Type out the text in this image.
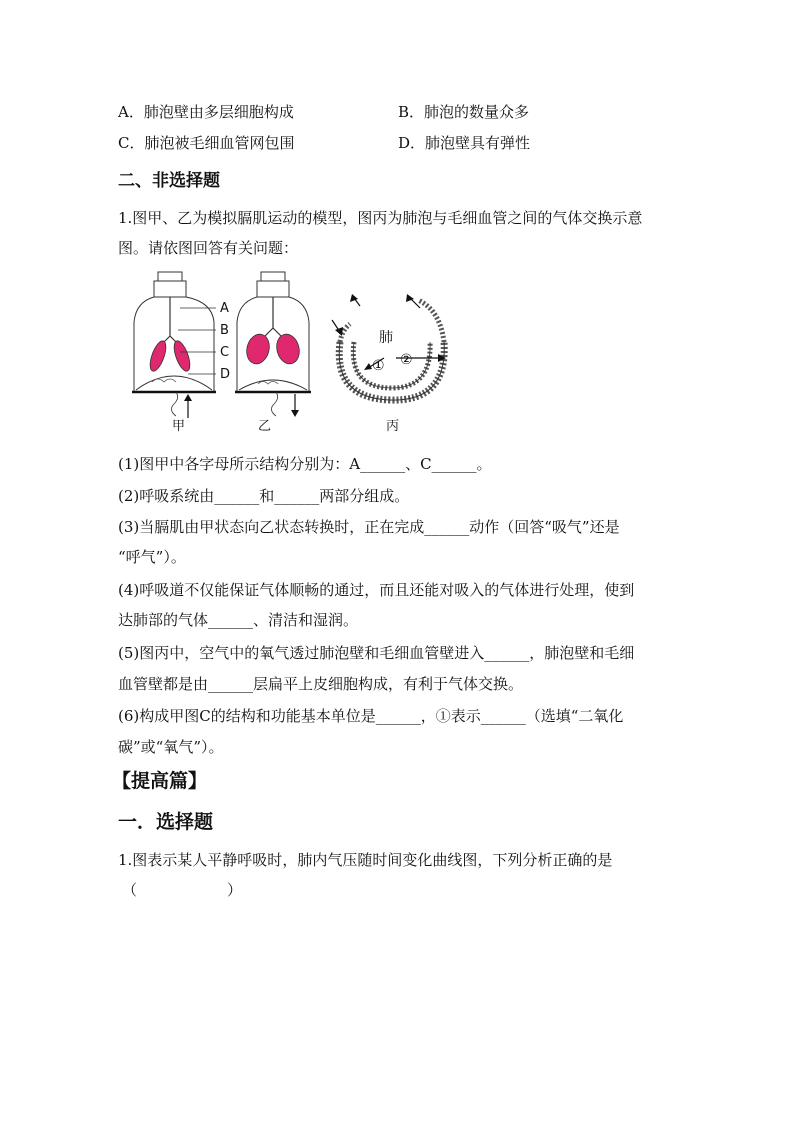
A．肺泡壁由多层细胞构成	B．肺泡的数量众多
C．肺泡被毛细血管网包围	D．肺泡壁具有弹性
二、非选择题
1.图甲、乙为模拟膈肌运动的模型，图丙为肺泡与毛细血管之间的气体交换示意
图。请依图回答有关问题：
A
B
C
D
甲	乙
肺
① ②
丙
(1)图甲中各字母所示结构分别为：A______、C______。
(2)呼吸系统由______和______两部分组成。
(3)当膈肌由甲状态向乙状态转换时，正在完成______动作（回答“吸气”还是
“呼气”）。
(4)呼吸道不仅能保证气体顺畅的通过，而且还能对吸入的气体进行处理，使到
达肺部的气体______、清洁和湿润。
(5)图丙中，空气中的氧气透过肺泡壁和毛细血管壁进入______，肺泡壁和毛细
血管壁都是由______层扁平上皮细胞构成，有利于气体交换。
(6)构成甲图C的结构和功能基本单位是______，①表示______（选填“二氧化
碳”或“氧气”）。
【提高篇】
一．选择题
1.图表示某人平静呼吸时，肺内气压随时间变化曲线图，下列分析正确的是
（　　　　　　）
